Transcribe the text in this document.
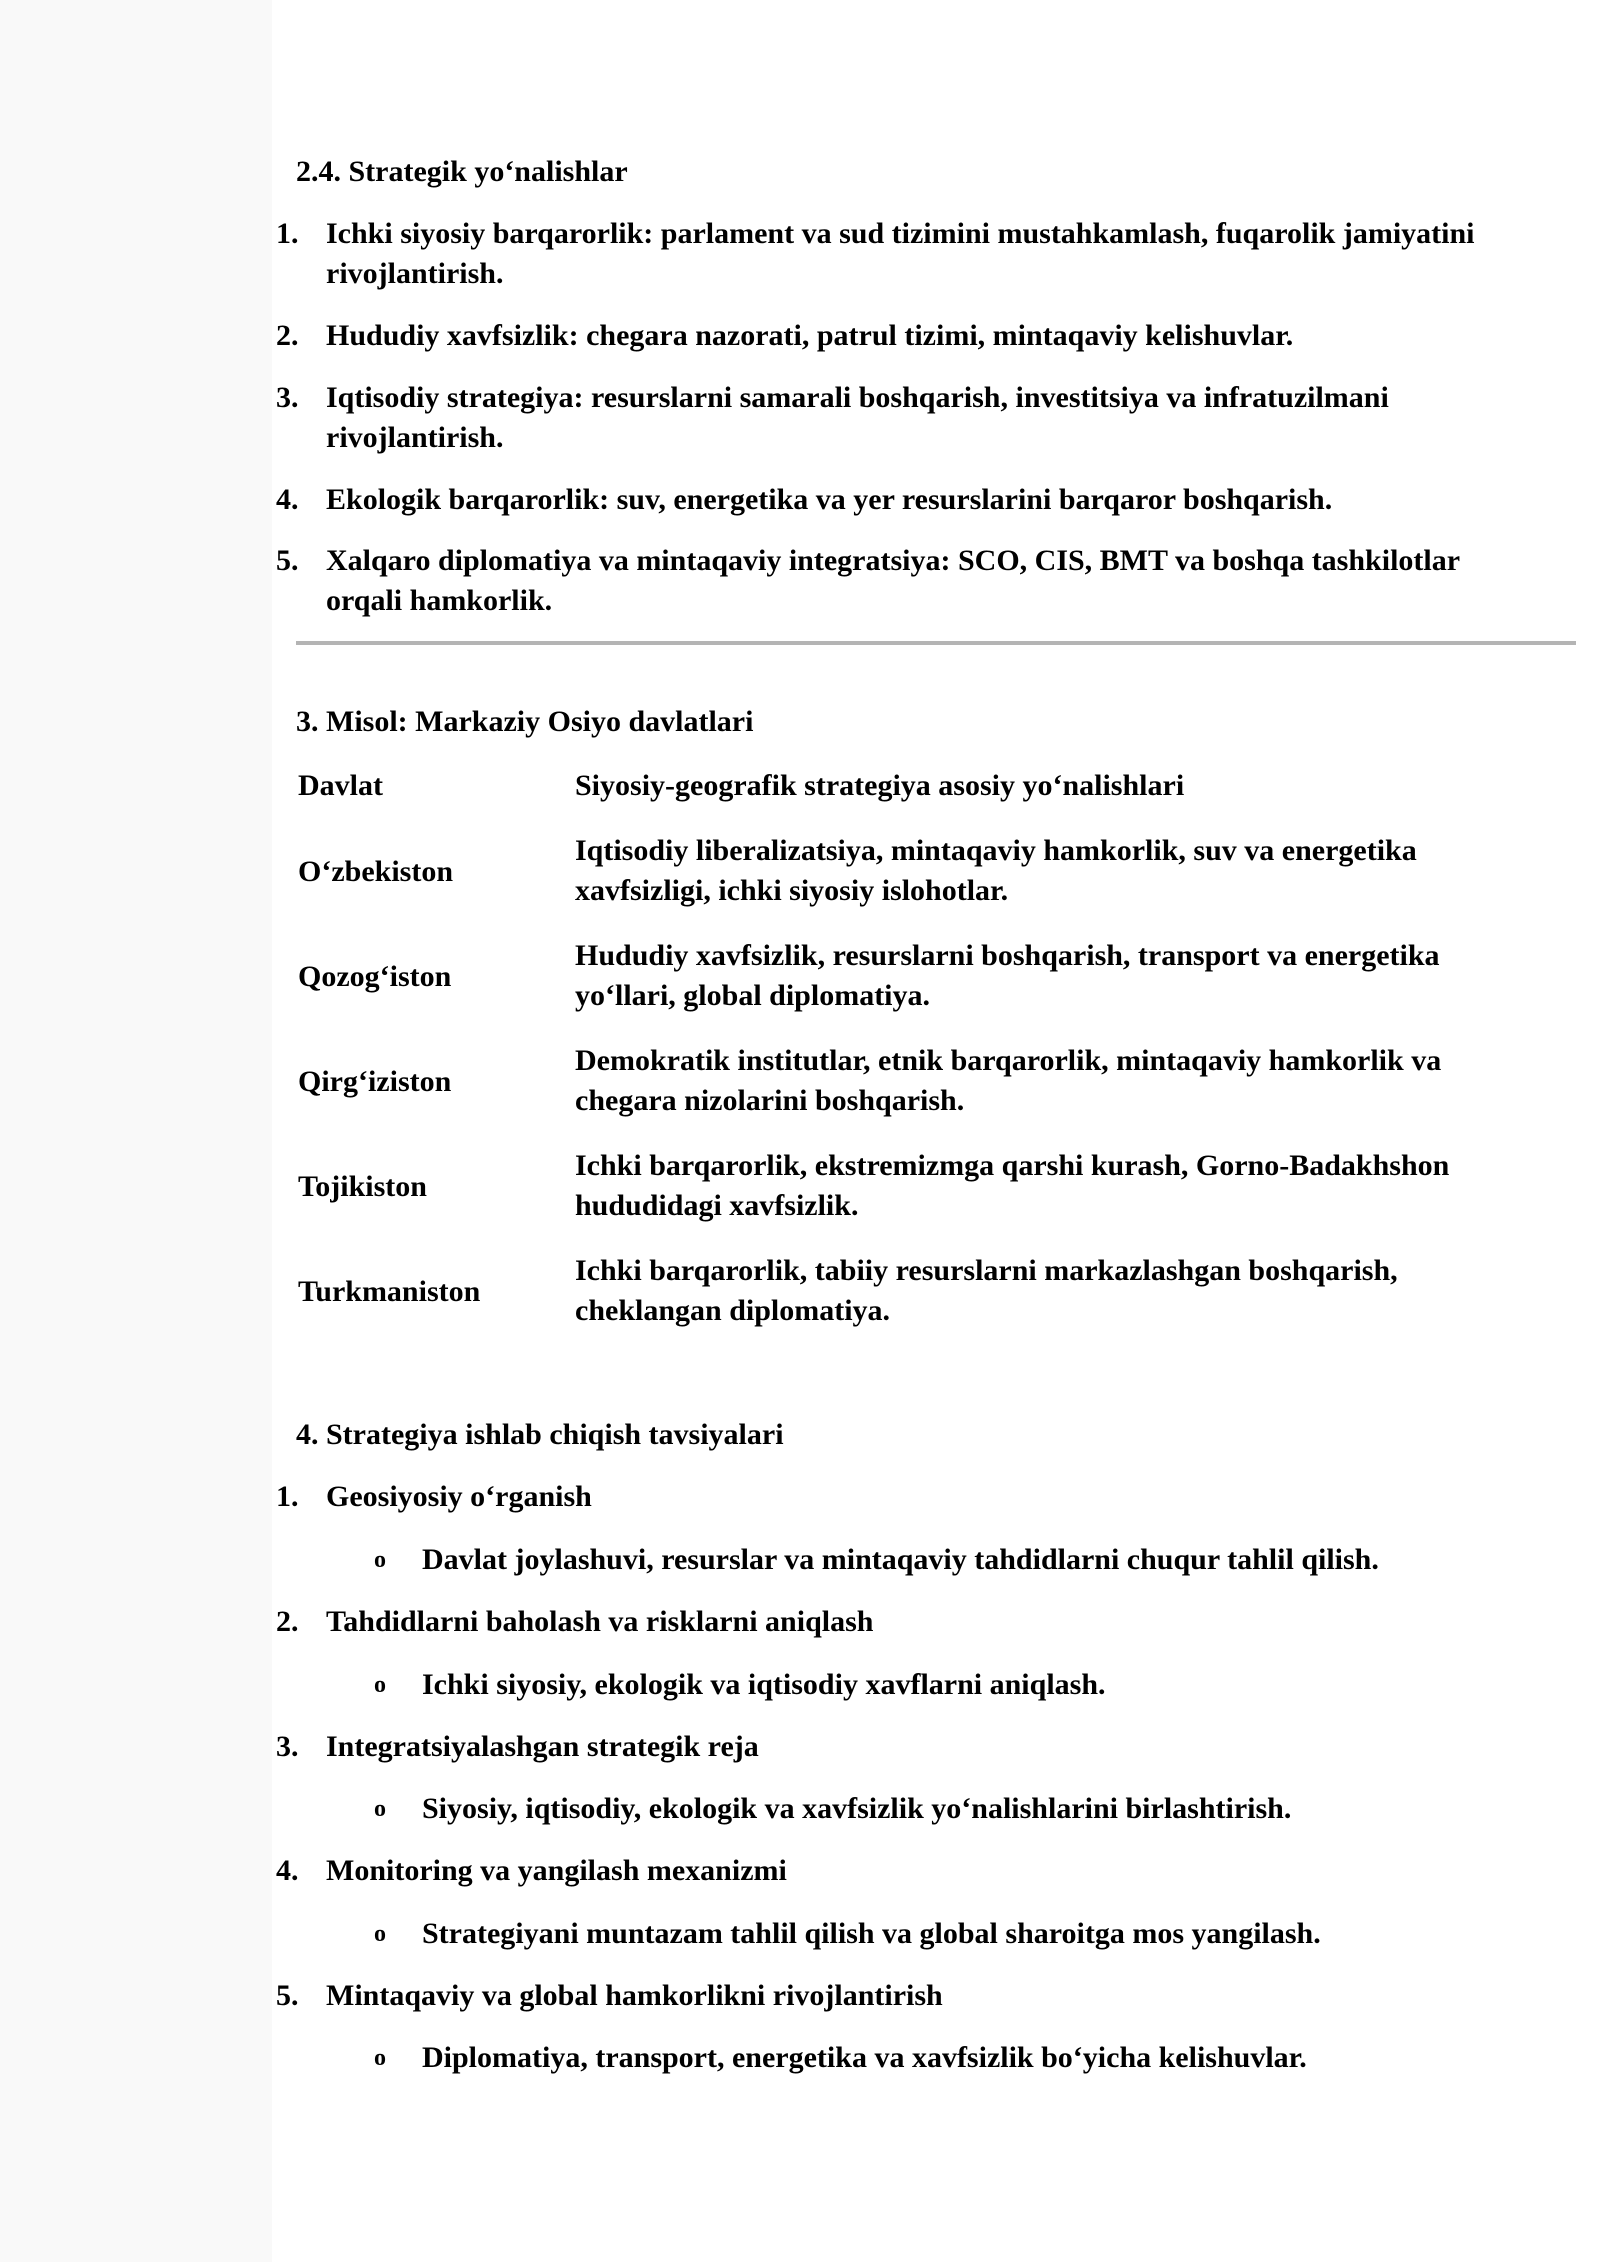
2.4. Strategik yo‘nalishlar
1. Ichki siyosiy barqarorlik: parlament va sud tizimini mustahkamlash, fuqarolik jamiyatini rivojlantirish.
2. Hududiy xavfsizlik: chegara nazorati, patrul tizimi, mintaqaviy kelishuvlar.
3. Iqtisodiy strategiya: resurslarni samarali boshqarish, investitsiya va infratuzilmani rivojlantirish.
4. Ekologik barqarorlik: suv, energetika va yer resurslarini barqaror boshqarish.
5. Xalqaro diplomatiya va mintaqaviy integratsiya: SCO, CIS, BMT va boshqa tashkilotlar orqali hamkorlik.
3. Misol: Markaziy Osiyo davlatlari
Davlat	Siyosiy-geografik strategiya asosiy yo‘nalishlari
O‘zbekiston
Iqtisodiy liberalizatsiya, mintaqaviy hamkorlik, suv va energetika xavfsizligi, ichki siyosiy islohotlar.
Qozog‘iston
Hududiy xavfsizlik, resurslarni boshqarish, transport va energetika yo‘llari, global diplomatiya.
Qirg‘iziston
Demokratik institutlar, etnik barqarorlik, mintaqaviy hamkorlik va chegara nizolarini boshqarish.
Tojikiston
Ichki barqarorlik, ekstremizmga qarshi kurash, Gorno-Badakhshon hududidagi xavfsizlik.
Turkmaniston
Ichki barqarorlik, tabiiy resurslarni markazlashgan boshqarish, cheklangan diplomatiya.
4. Strategiya ishlab chiqish tavsiyalari
1. Geosiyosiy o‘rganish
o Davlat joylashuvi, resurslar va mintaqaviy tahdidlarni chuqur tahlil qilish.
2. Tahdidlarni baholash va risklarni aniqlash
o Ichki siyosiy, ekologik va iqtisodiy xavflarni aniqlash.
3. Integratsiyalashgan strategik reja
o Siyosiy, iqtisodiy, ekologik va xavfsizlik yo‘nalishlarini birlashtirish.
4. Monitoring va yangilash mexanizmi
o Strategiyani muntazam tahlil qilish va global sharoitga mos yangilash.
5. Mintaqaviy va global hamkorlikni rivojlantirish
o Diplomatiya, transport, energetika va xavfsizlik bo‘yicha kelishuvlar.
